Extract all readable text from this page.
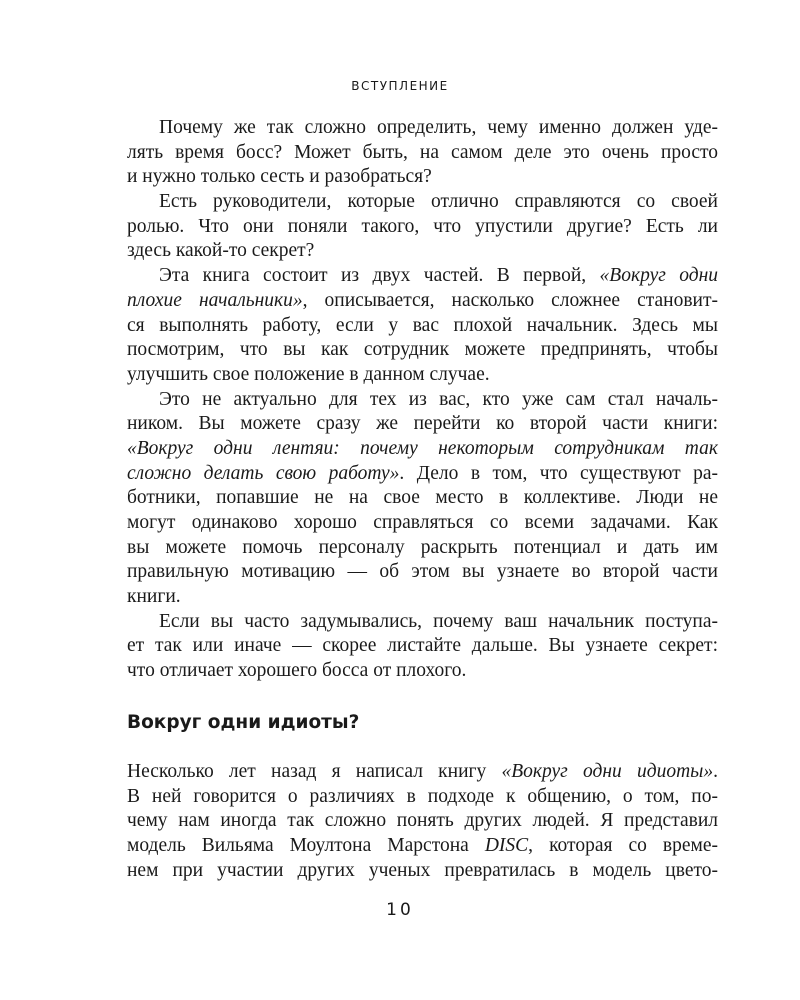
ВСТУПЛЕНИЕ
Почему же так сложно определить, чему именно должен уде-
лять время босс? Может быть, на самом деле это очень просто
и нужно только сесть и разобраться?
Есть руководители, которые отлично справляются со своей
ролью. Что они поняли такого, что упустили другие? Есть ли
здесь какой-то секрет?
Эта книга состоит из двух частей. В первой, «Вокруг одни
плохие начальники», описывается, насколько сложнее становит-
ся выполнять работу, если у вас плохой начальник. Здесь мы
посмотрим, что вы как сотрудник можете предпринять, чтобы
улучшить свое положение в данном случае.
Это не актуально для тех из вас, кто уже сам стал началь-
ником. Вы можете сразу же перейти ко второй части книги:
«Вокруг одни лентяи: почему некоторым сотрудникам так
сложно делать свою работу». Дело в том, что существуют ра-
ботники, попавшие не на свое место в коллективе. Люди не
могут одинаково хорошо справляться со всеми задачами. Как
вы можете помочь персоналу раскрыть потенциал и дать им
правильную мотивацию — об этом вы узнаете во второй части
книги.
Если вы часто задумывались, почему ваш начальник поступа-
ет так или иначе — скорее листайте дальше. Вы узнаете секрет:
что отличает хорошего босса от плохого.
Вокруг одни идиоты?
Несколько лет назад я написал книгу «Вокруг одни идиоты».
В ней говорится о различиях в подходе к общению, о том, по-
чему нам иногда так сложно понять других людей. Я представил
модель Вильяма Моултона Марстона DISC, которая со време-
нем при участии других ученых превратилась в модель цвето-
10
